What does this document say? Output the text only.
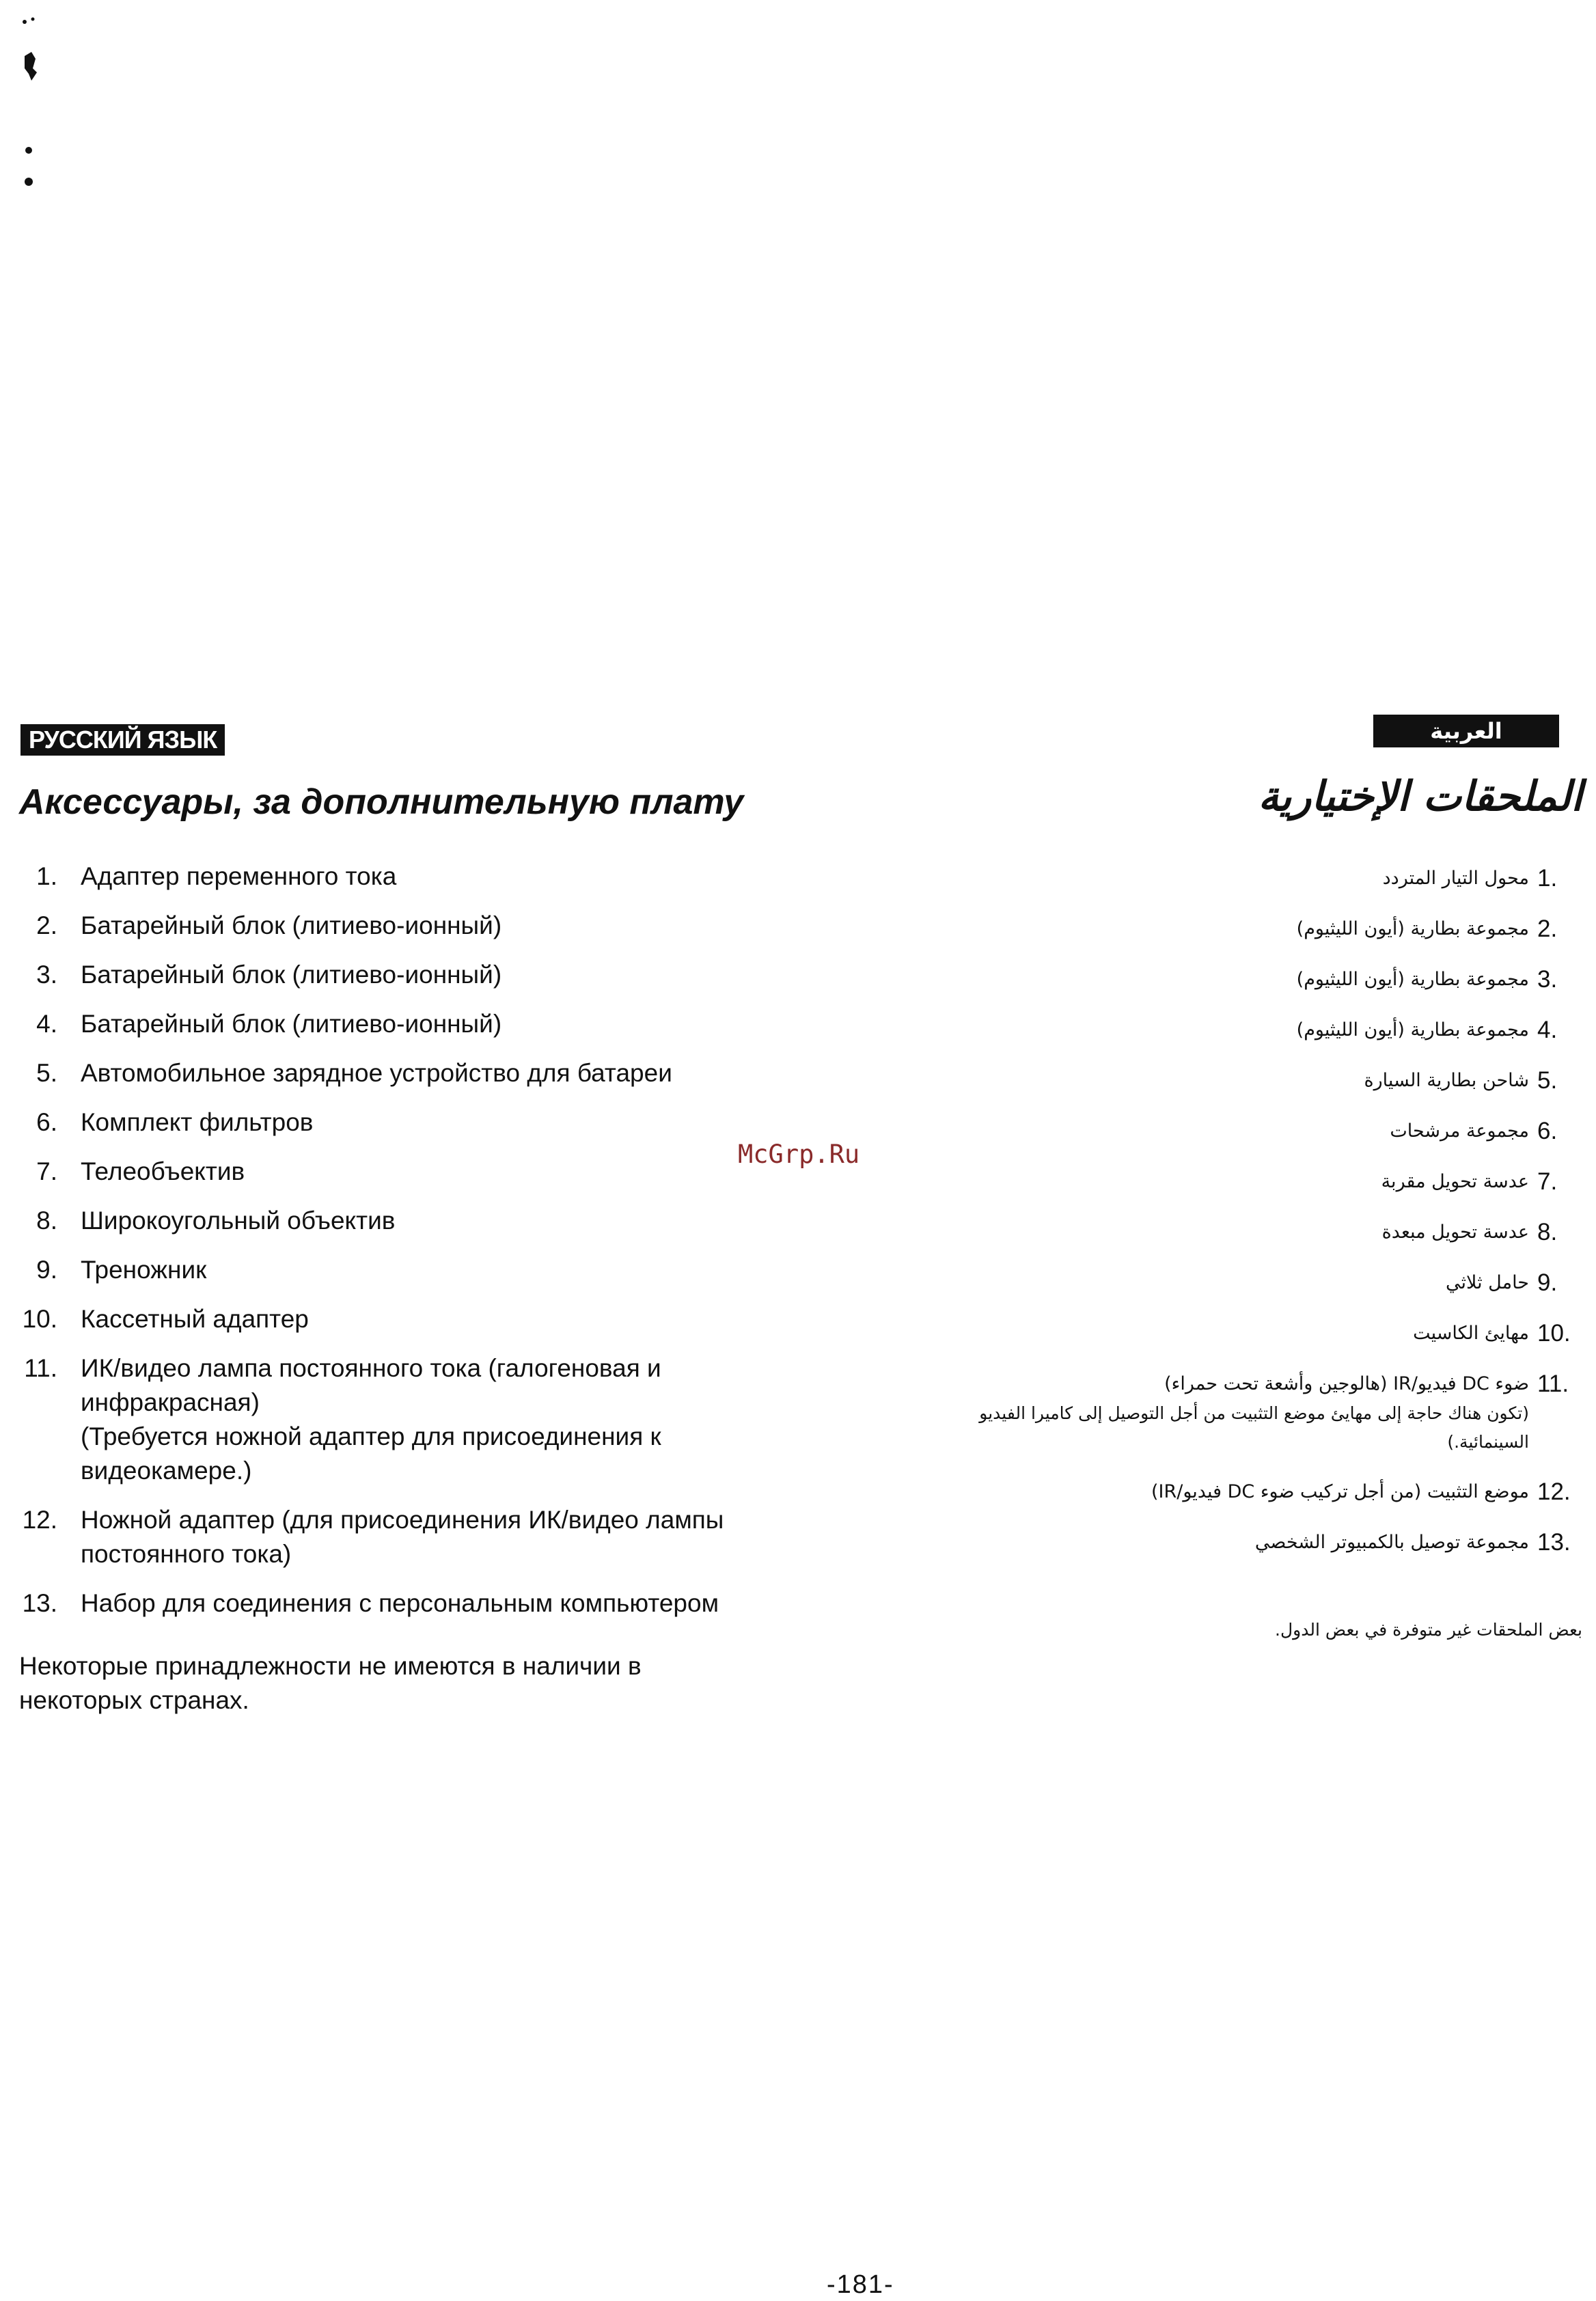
РУССКИЙ ЯЗЫК
Аксессуары, за дополнительную плату
1. Адаптер переменного тока
2. Батарейный блок (литиево-ионный)
3. Батарейный блок (литиево-ионный)
4. Батарейный блок (литиево-ионный)
5. Автомобильное зарядное устройство для батареи
6. Комплект фильтров
7. Телеобъектив
8. Широкоугольный объектив
9. Треножник
10. Кассетный адаптер
11. ИК/видео лампа постоянного тока (галогеновая и
инфракрасная)
(Требуется ножной адаптер для присоединения к
видеокамере.)
12. Ножной адаптер (для присоединения ИК/видео лампы
постоянного тока)
13. Набор для соединения с персональным компьютером
Некоторые принадлежности не имеются в наличии в
некоторых странах.
McGrp.Ru
العربية
الملحقات الإختيارية
1.
محول التيار المتردد
2.
مجموعة بطارية (أيون الليثيوم)
3.
مجموعة بطارية (أيون الليثيوم)
4.
مجموعة بطارية (أيون الليثيوم)
5.
شاحن بطارية السيارة
6.
مجموعة مرشحات
7.
عدسة تحويل مقربة
8.
عدسة تحويل مبعدة
9.
حامل ثلاثي
10.
مهايئ الكاسيت
11.
ضوء DC فيديو/IR (هالوجين وأشعة تحت حمراء)
(تكون هناك حاجة إلى مهايئ موضع التثبيت من أجل التوصيل إلى كاميرا الفيديو
السينمائية.)
12.
موضع التثبيت (من أجل تركيب ضوء DC فيديو/IR)
13.
مجموعة توصيل بالكمبيوتر الشخصي
بعض الملحقات غير متوفرة في بعض الدول.
-181-
